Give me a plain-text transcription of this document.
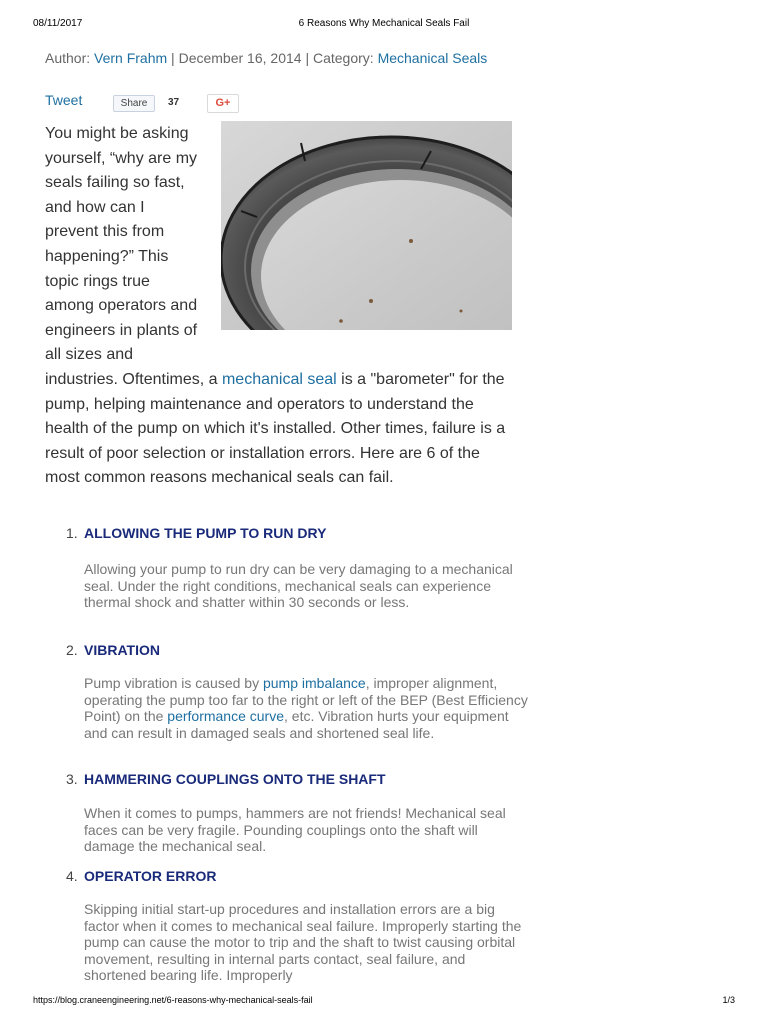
08/11/2017	6 Reasons Why Mechanical Seals Fail
Author: Vern Frahm | December 16, 2014 | Category: Mechanical Seals
Tweet	Share	37	G+
You might be asking yourself, “why are my seals failing so fast, and how can I prevent this from happening?” This topic rings true among operators and engineers in plants of all sizes and industries. Oftentimes, a mechanical seal is a "barometer" for the pump, helping maintenance and operators to understand the health of the pump on which it's installed. Other times, failure is a result of poor selection or installation errors. Here are 6 of the most common reasons mechanical seals can fail.
1. ALLOWING THE PUMP TO RUN DRY
Allowing your pump to run dry can be very damaging to a mechanical seal. Under the right conditions, mechanical seals can experience thermal shock and shatter within 30 seconds or less.
2. VIBRATION
Pump vibration is caused by pump imbalance, improper alignment, operating the pump too far to the right or left of the BEP (Best Efficiency Point) on the performance curve, etc. Vibration hurts your equipment and can result in damaged seals and shortened seal life.
3. HAMMERING COUPLINGS ONTO THE SHAFT
When it comes to pumps, hammers are not friends! Mechanical seal faces can be very fragile. Pounding couplings onto the shaft will damage the mechanical seal.
4. OPERATOR ERROR
Skipping initial start-up procedures and installation errors are a big factor when it comes to mechanical seal failure. Improperly starting the pump can cause the motor to trip and the shaft to twist causing orbital movement, resulting in internal parts contact, seal failure, and shortened bearing life. Improperly
https://blog.craneengineering.net/6-reasons-why-mechanical-seals-fail	1/3
